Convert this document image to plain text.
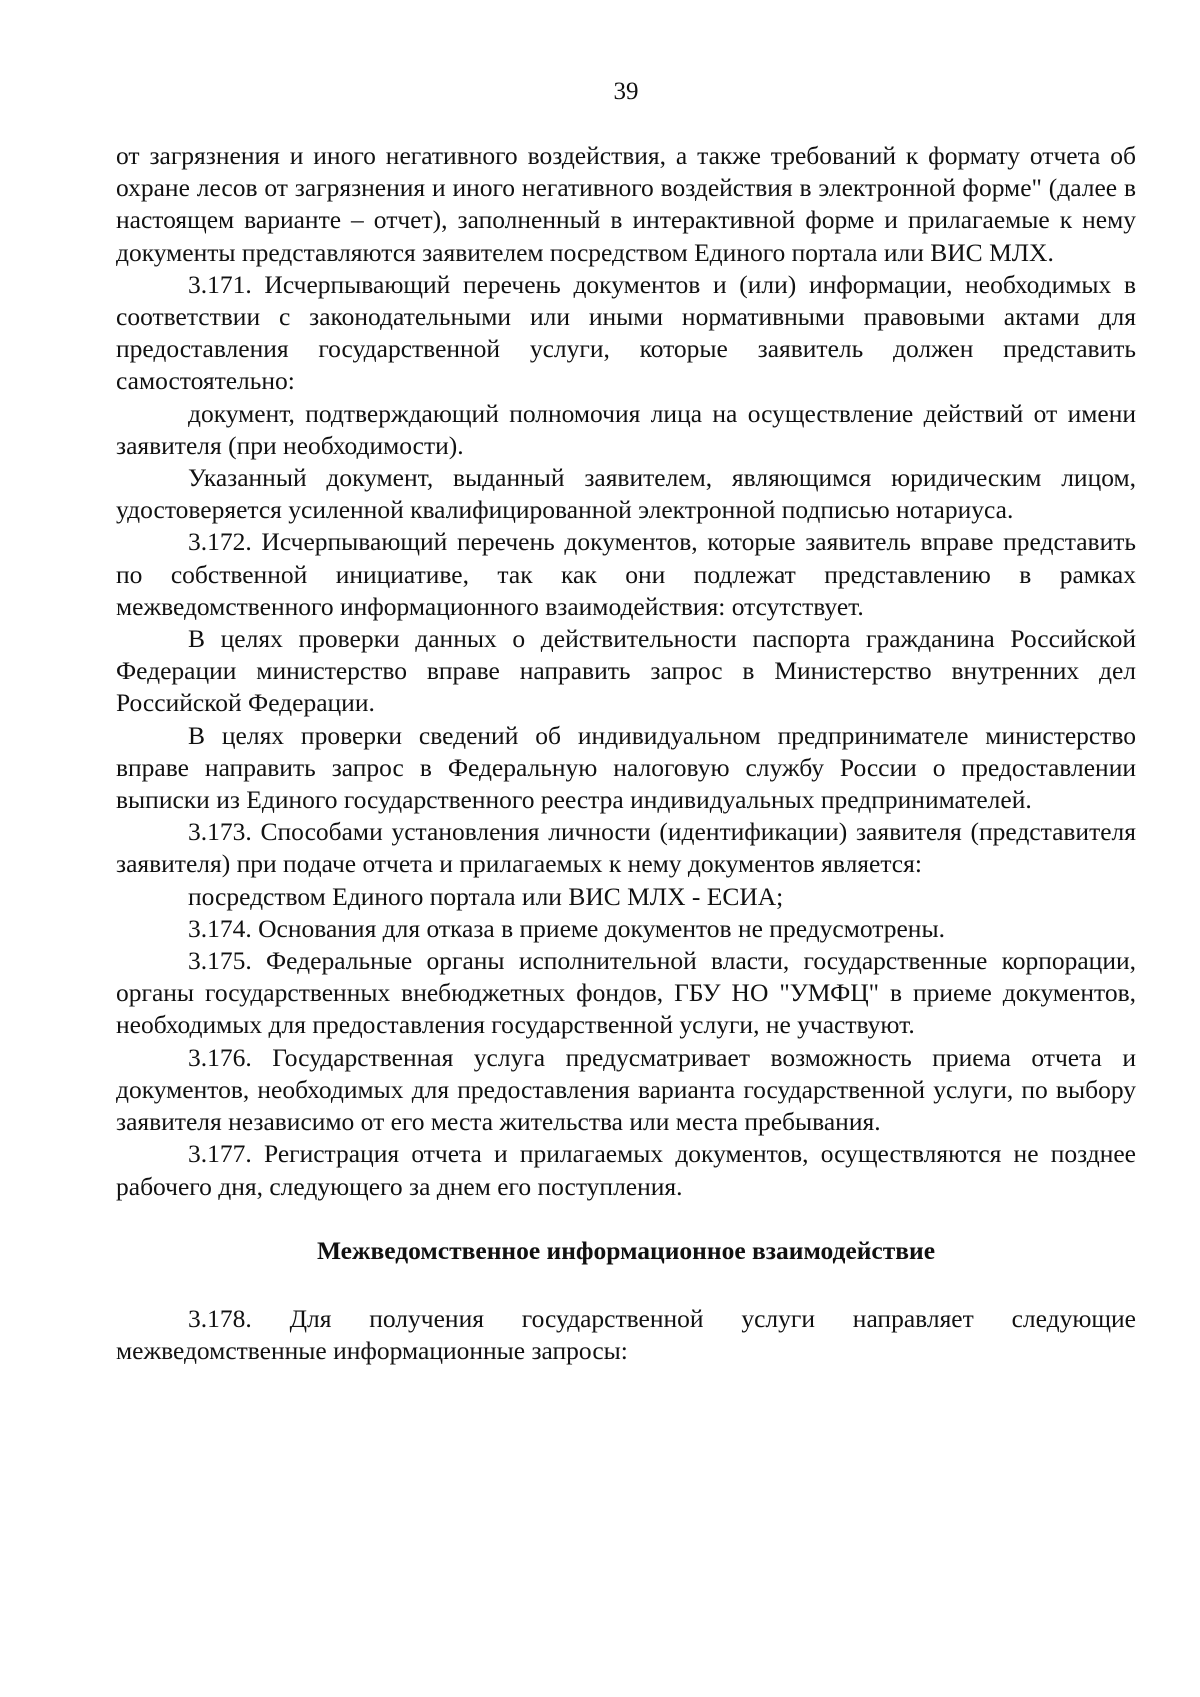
39

от загрязнения и иного негативного воздействия, а также требований к формату отчета об охране лесов от загрязнения и иного негативного воздействия в электронной форме" (далее в настоящем варианте – отчет), заполненный в интерактивной форме и прилагаемые к нему документы представляются заявителем посредством Единого портала или ВИС МЛХ.

3.171. Исчерпывающий перечень документов и (или) информации, необходимых в соответствии с законодательными или иными нормативными правовыми актами для предоставления государственной услуги, которые заявитель должен представить самостоятельно:

документ, подтверждающий полномочия лица на осуществление действий от имени заявителя (при необходимости).

Указанный документ, выданный заявителем, являющимся юридическим лицом, удостоверяется усиленной квалифицированной электронной подписью нотариуса.

3.172. Исчерпывающий перечень документов, которые заявитель вправе представить по собственной инициативе, так как они подлежат представлению в рамках межведомственного информационного взаимодействия: отсутствует.

В целях проверки данных о действительности паспорта гражданина Российской Федерации министерство вправе направить запрос в Министерство внутренних дел Российской Федерации.

В целях проверки сведений об индивидуальном предпринимателе министерство вправе направить запрос в Федеральную налоговую службу России о предоставлении выписки из Единого государственного реестра индивидуальных предпринимателей.

3.173. Способами установления личности (идентификации) заявителя (представителя заявителя) при подаче отчета и прилагаемых к нему документов является:

посредством Единого портала или ВИС МЛХ - ЕСИА;

3.174. Основания для отказа в приеме документов не предусмотрены.

3.175. Федеральные органы исполнительной власти, государственные корпорации, органы государственных внебюджетных фондов, ГБУ НО "УМФЦ" в приеме документов, необходимых для предоставления государственной услуги, не участвуют.

3.176. Государственная услуга предусматривает возможность приема отчета и документов, необходимых для предоставления варианта государственной услуги, по выбору заявителя независимо от его места жительства или места пребывания.

3.177. Регистрация отчета и прилагаемых документов, осуществляются не позднее рабочего дня, следующего за днем его поступления.

Межведомственное информационное взаимодействие

3.178. Для получения государственной услуги направляет следующие межведомственные информационные запросы:
